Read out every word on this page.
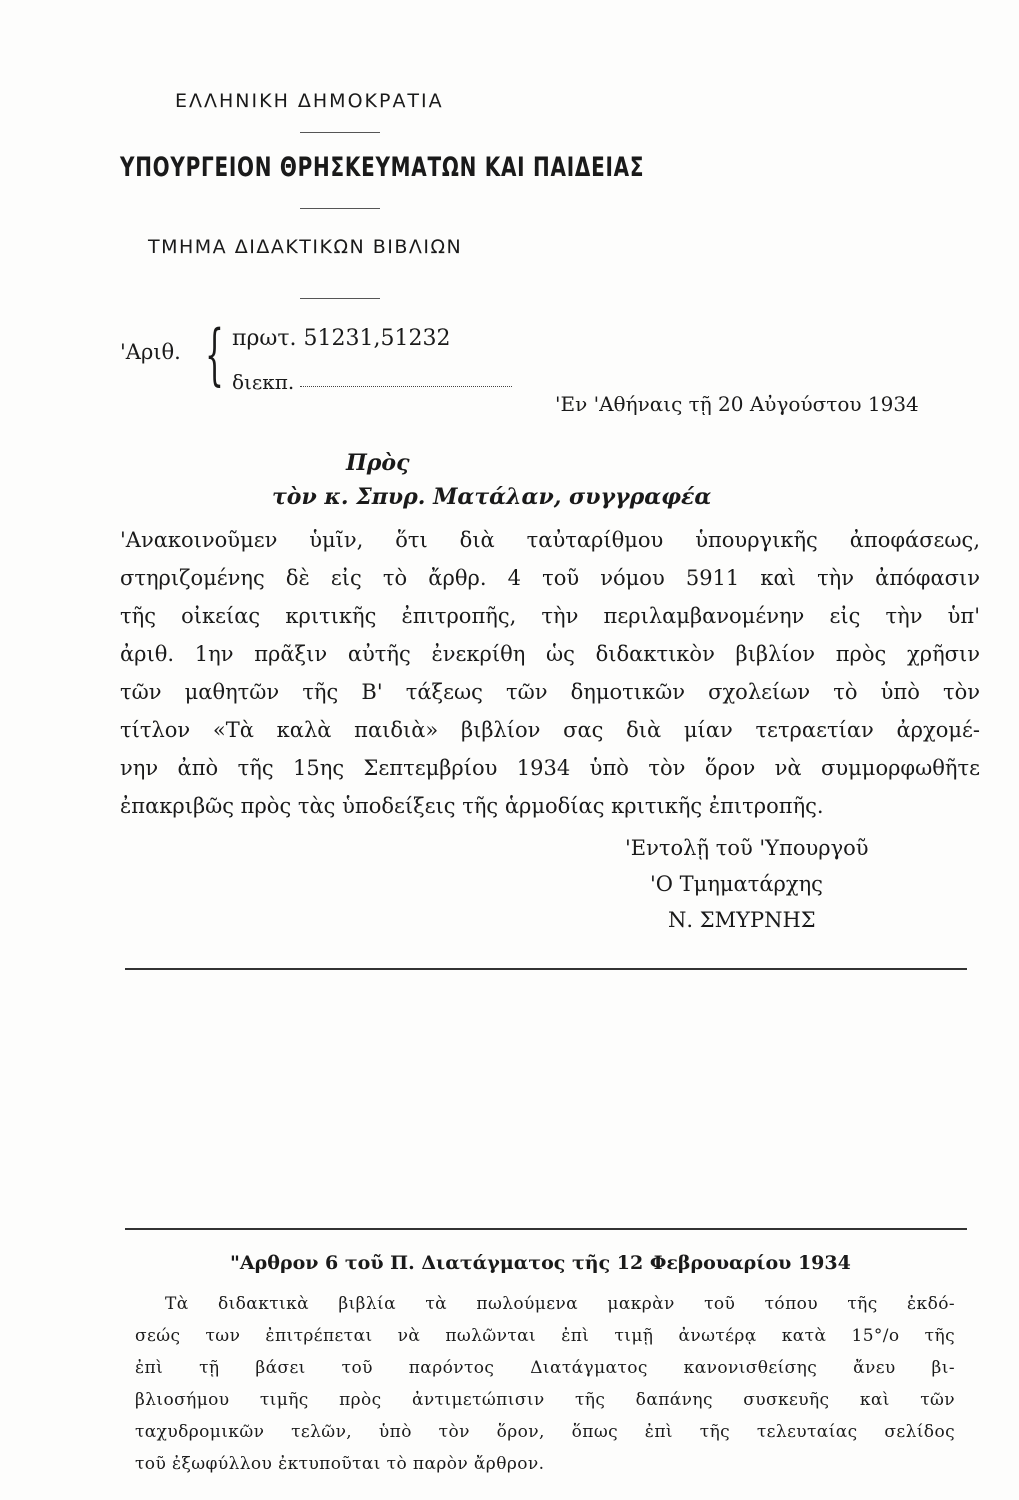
ΕΛΛΗΝΙΚΗ ΔΗΜΟΚΡΑΤΙΑ
ΥΠΟΥΡΓΕΙΟΝ ΘΡΗΣΚΕΥΜΑΤΩΝ ΚΑΙ ΠΑΙΔΕΙΑΣ
ΤΜΗΜΑ ΔΙΔΑΚΤΙΚΩΝ ΒΙΒΛΙΩΝ
'Αριθ. { πρωτ. 51231,51232
διεκπ.
'Εν 'Αθήναις τῇ 20 Αὐγούστου 1934
Πρὸς
τὸν κ. Σπυρ. Ματάλαν, συγγραφέα
'Ανακοινοῦμεν ὑμῖν, ὅτι διὰ ταὐταρίθμου ὑπουργικῆς ἀποφάσεως,
στηριζομένης δὲ εἰς τὸ ἄρθρ. 4 τοῦ νόμου 5911 καὶ τὴν ἀπόφασιν
τῆς οἰκείας κριτικῆς ἐπιτροπῆς, τὴν περιλαμβανομένην εἰς τὴν ὑπ'
ἀριθ. 1ην πρᾶξιν αὐτῆς ἐνεκρίθη ὡς διδακτικὸν βιβλίον πρὸς χρῆσιν
τῶν μαθητῶν τῆς Β' τάξεως τῶν δημοτικῶν σχολείων τὸ ὑπὸ τὸν
τίτλον «Τὰ καλὰ παιδιὰ» βιβλίον σας διὰ μίαν τετραετίαν ἀρχομέ-
νην ἀπὸ τῆς 15ης Σεπτεμβρίου 1934 ὑπὸ τὸν ὅρον νὰ συμμορφωθῆτε
ἐπακριβῶς πρὸς τὰς ὑποδείξεις τῆς ἁρμοδίας κριτικῆς ἐπιτροπῆς.
'Εντολῇ τοῦ 'Υπουργοῦ
'Ο Τμηματάρχης
Ν. ΣΜΥΡΝΗΣ
"Αρθρον 6 τοῦ Π. Διατάγματος τῆς 12 Φεβρουαρίου 1934
Τὰ διδακτικὰ βιβλία τὰ πωλούμενα μακρὰν τοῦ τόπου τῆς ἐκδό-
σεώς των ἐπιτρέπεται νὰ πωλῶνται ἐπὶ τιμῇ ἀνωτέρᾳ κατὰ 15°/ο τῆς
ἐπὶ τῇ βάσει τοῦ παρόντος Διατάγματος κανονισθείσης ἄνευ βι-
βλιοσήμου τιμῆς πρὸς ἀντιμετώπισιν τῆς δαπάνης συσκευῆς καὶ τῶν
ταχυδρομικῶν τελῶν, ὑπὸ τὸν ὅρον, ὅπως ἐπὶ τῆς τελευταίας σελίδος
τοῦ ἐξωφύλλου ἐκτυποῦται τὸ παρὸν ἄρθρον.
